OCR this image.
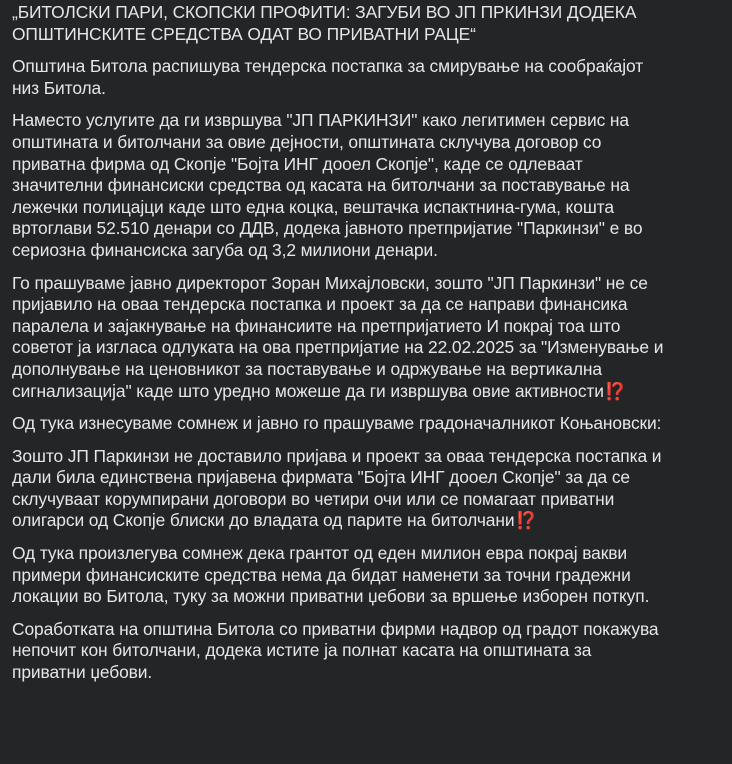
„БИТОЛСКИ ПАРИ, СКОПСКИ ПРОФИТИ: ЗАГУБИ ВО ЈП ПРКИНЗИ ДОДЕКА
ОПШТИНСКИТЕ СРЕДСТВА ОДАТ ВО ПРИВАТНИ РАЦЕ“

Општина Битола распишува тендерска постапка за смирување на сообраќајот
низ Битола.

Наместо услугите да ги извршува "ЈП ПАРКИНЗИ" како легитимен сервис на
општината и битолчани за овие дејности, општината склучува договор со
приватна фирма од Скопје "Бојта ИНГ дооел Скопје", каде се одлеваат
значителни финансиски средства од касата на битолчани за поставување на
лежечки полицајци каде што една коцка, вештачка испактнина-гума, кошта
вртоглави 52.510 денари со ДДВ, додека јавното претпријатие "Паркинзи" е во
сериозна финансиска загуба од 3,2 милиони денари.

Го прашуваме јавно директорот Зоран Михајловски, зошто "ЈП Паркинзи" не се
пријавило на оваа тендерска постапка и проект за да се направи финансика
паралела и зајакнување на финансиите на претпријатието И покрај тоа што
советот ја изгласа одлуката на ова претпријатие на 22.02.2025 за "Изменување и
дополнување на ценовникот за поставување и одржување на вертикална
сигнализација" каде што уредно можеше да ги извршува овие активности⁉️

Од тука изнесуваме сомнеж и јавно го прашуваме градоначалникот Коњановски:

Зошто ЈП Паркинзи не доставило пријава и проект за оваа тендерска постапка и
дали била единствена пријавена фирмата "Бојта ИНГ дооел Скопје" за да се
склучуваат корумпирани договори во четири очи или се помагаат приватни
олигарси од Скопје блиски до владата од парите на битолчани⁉️

Од тука произлегува сомнеж дека грантот од еден милион евра покрај вакви
примери финансиските средства нема да бидат наменети за точни градежни
локации во Битола, туку за можни приватни џебови за вршење изборен поткуп.

Соработката на општина Битола со приватни фирми надвор од градот покажува
непочит кон битолчани, додека истите ја полнат касата на општината за
приватни џебови.
